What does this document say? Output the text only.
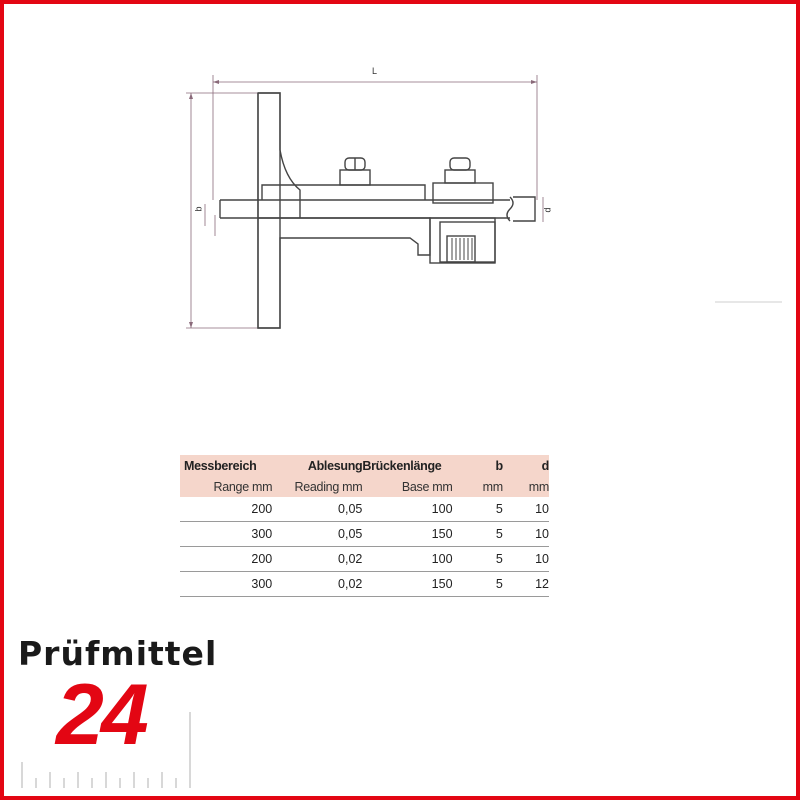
L
b	d
Messbereich	Ablesung	Brückenlänge	b	d
Range mm	Reading mm	Base mm	mm	mm
200	0,05	100	5	10
300	0,05	150	5	10
200	0,02	100	5	10
300	0,02	150	5	12
Prüfmittel
24
